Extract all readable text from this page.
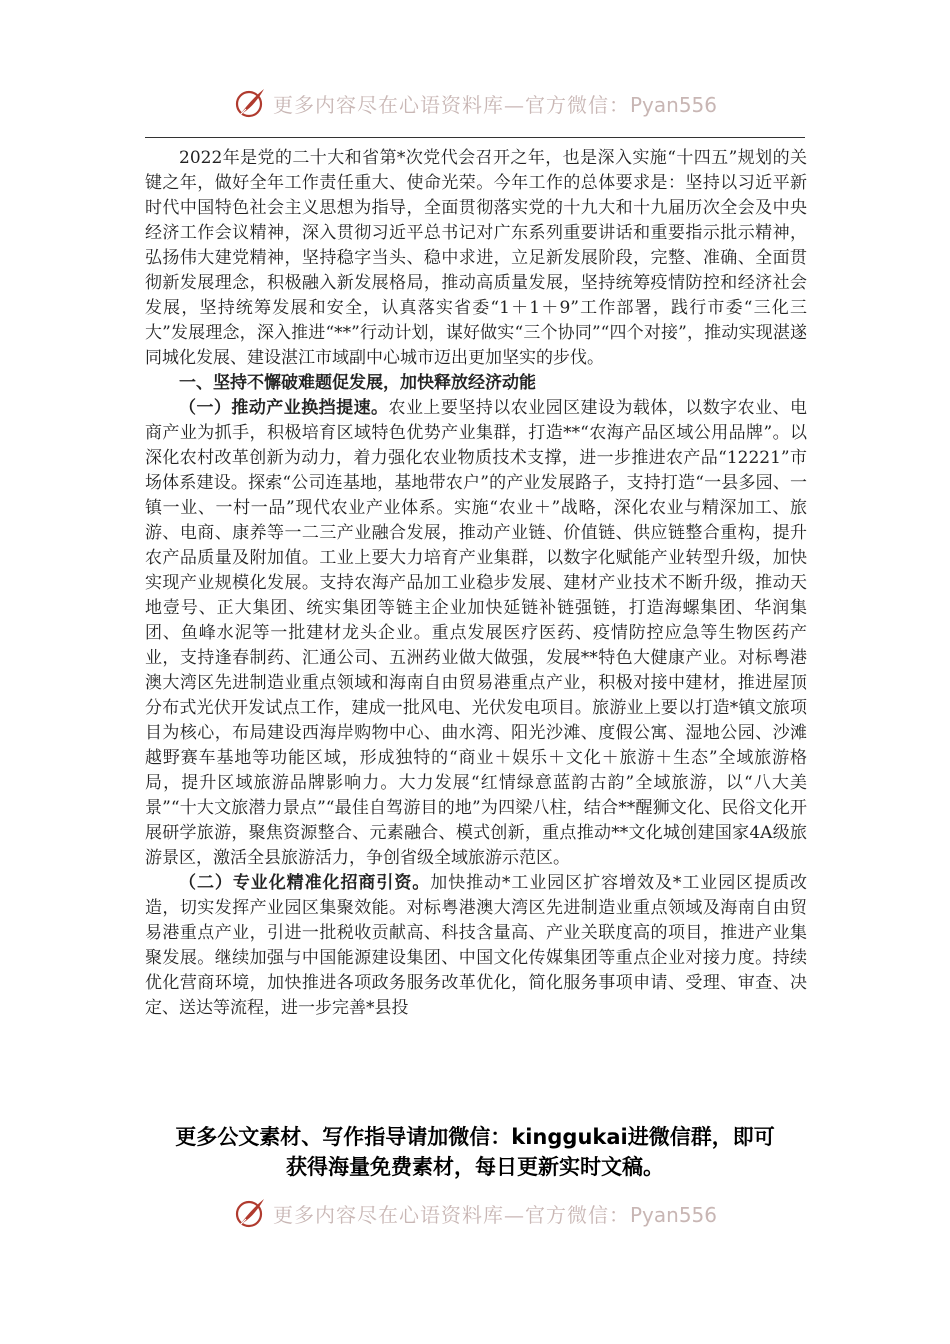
更多内容尽在心语资料库—官方微信：Pyan556

2022年是党的二十大和省第*次党代会召开之年，也是深入实施“十四五”规划的关键之年，做好全年工作责任重大、使命光荣。今年工作的总体要求是：坚持以习近平新时代中国特色社会主义思想为指导，全面贯彻落实党的十九大和十九届历次全会及中央经济工作会议精神，深入贯彻习近平总书记对广东系列重要讲话和重要指示批示精神，弘扬伟大建党精神，坚持稳字当头、稳中求进，立足新发展阶段，完整、准确、全面贯彻新发展理念，积极融入新发展格局，推动高质量发展，坚持统筹疫情防控和经济社会发展，坚持统筹发展和安全，认真落实省委“1＋1＋9”工作部署，践行市委“三化三大”发展理念，深入推进“**”行动计划，谋好做实“三个协同”“四个对接”，推动实现湛遂同城化发展、建设湛江市域副中心城市迈出更加坚实的步伐。

一、坚持不懈破难题促发展，加快释放经济动能

（一）推动产业换挡提速。农业上要坚持以农业园区建设为载体，以数字农业、电商产业为抓手，积极培育区域特色优势产业集群，打造**“农海产品区域公用品牌”。以深化农村改革创新为动力，着力强化农业物质技术支撑，进一步推进农产品“12221”市场体系建设。探索“公司连基地，基地带农户”的产业发展路子，支持打造“一县多园、一镇一业、一村一品”现代农业产业体系。实施“农业＋”战略，深化农业与精深加工、旅游、电商、康养等一二三产业融合发展，推动产业链、价值链、供应链整合重构，提升农产品质量及附加值。工业上要大力培育产业集群，以数字化赋能产业转型升级，加快实现产业规模化发展。支持农海产品加工业稳步发展、建材产业技术不断升级，推动天地壹号、正大集团、统实集团等链主企业加快延链补链强链，打造海螺集团、华润集团、鱼峰水泥等一批建材龙头企业。重点发展医疗医药、疫情防控应急等生物医药产业，支持逢春制药、汇通公司、五洲药业做大做强，发展**特色大健康产业。对标粤港澳大湾区先进制造业重点领域和海南自由贸易港重点产业，积极对接中建材，推进屋顶分布式光伏开发试点工作，建成一批风电、光伏发电项目。旅游业上要以打造*镇文旅项目为核心，布局建设西海岸购物中心、曲水湾、阳光沙滩、度假公寓、湿地公园、沙滩越野赛车基地等功能区域，形成独特的“商业＋娱乐＋文化＋旅游＋生态”全域旅游格局，提升区域旅游品牌影响力。大力发展“红情绿意蓝韵古韵”全域旅游，以“八大美景”“十大文旅潜力景点”“最佳自驾游目的地”为四梁八柱，结合**醒狮文化、民俗文化开展研学旅游，聚焦资源整合、元素融合、模式创新，重点推动**文化城创建国家4A级旅游景区，激活全县旅游活力，争创省级全域旅游示范区。

（二）专业化精准化招商引资。加快推动*工业园区扩容增效及*工业园区提质改造，切实发挥产业园区集聚效能。对标粤港澳大湾区先进制造业重点领域及海南自由贸易港重点产业，引进一批税收贡献高、科技含量高、产业关联度高的项目，推进产业集聚发展。继续加强与中国能源建设集团、中国文化传媒集团等重点企业对接力度。持续优化营商环境，加快推进各项政务服务改革优化，简化服务事项申请、受理、审查、决定、送达等流程，进一步完善*县投

更多公文素材、写作指导请加微信：kinggukai进微信群，即可
获得海量免费素材，每日更新实时文稿。
更多内容尽在心语资料库—官方微信：Pyan556
